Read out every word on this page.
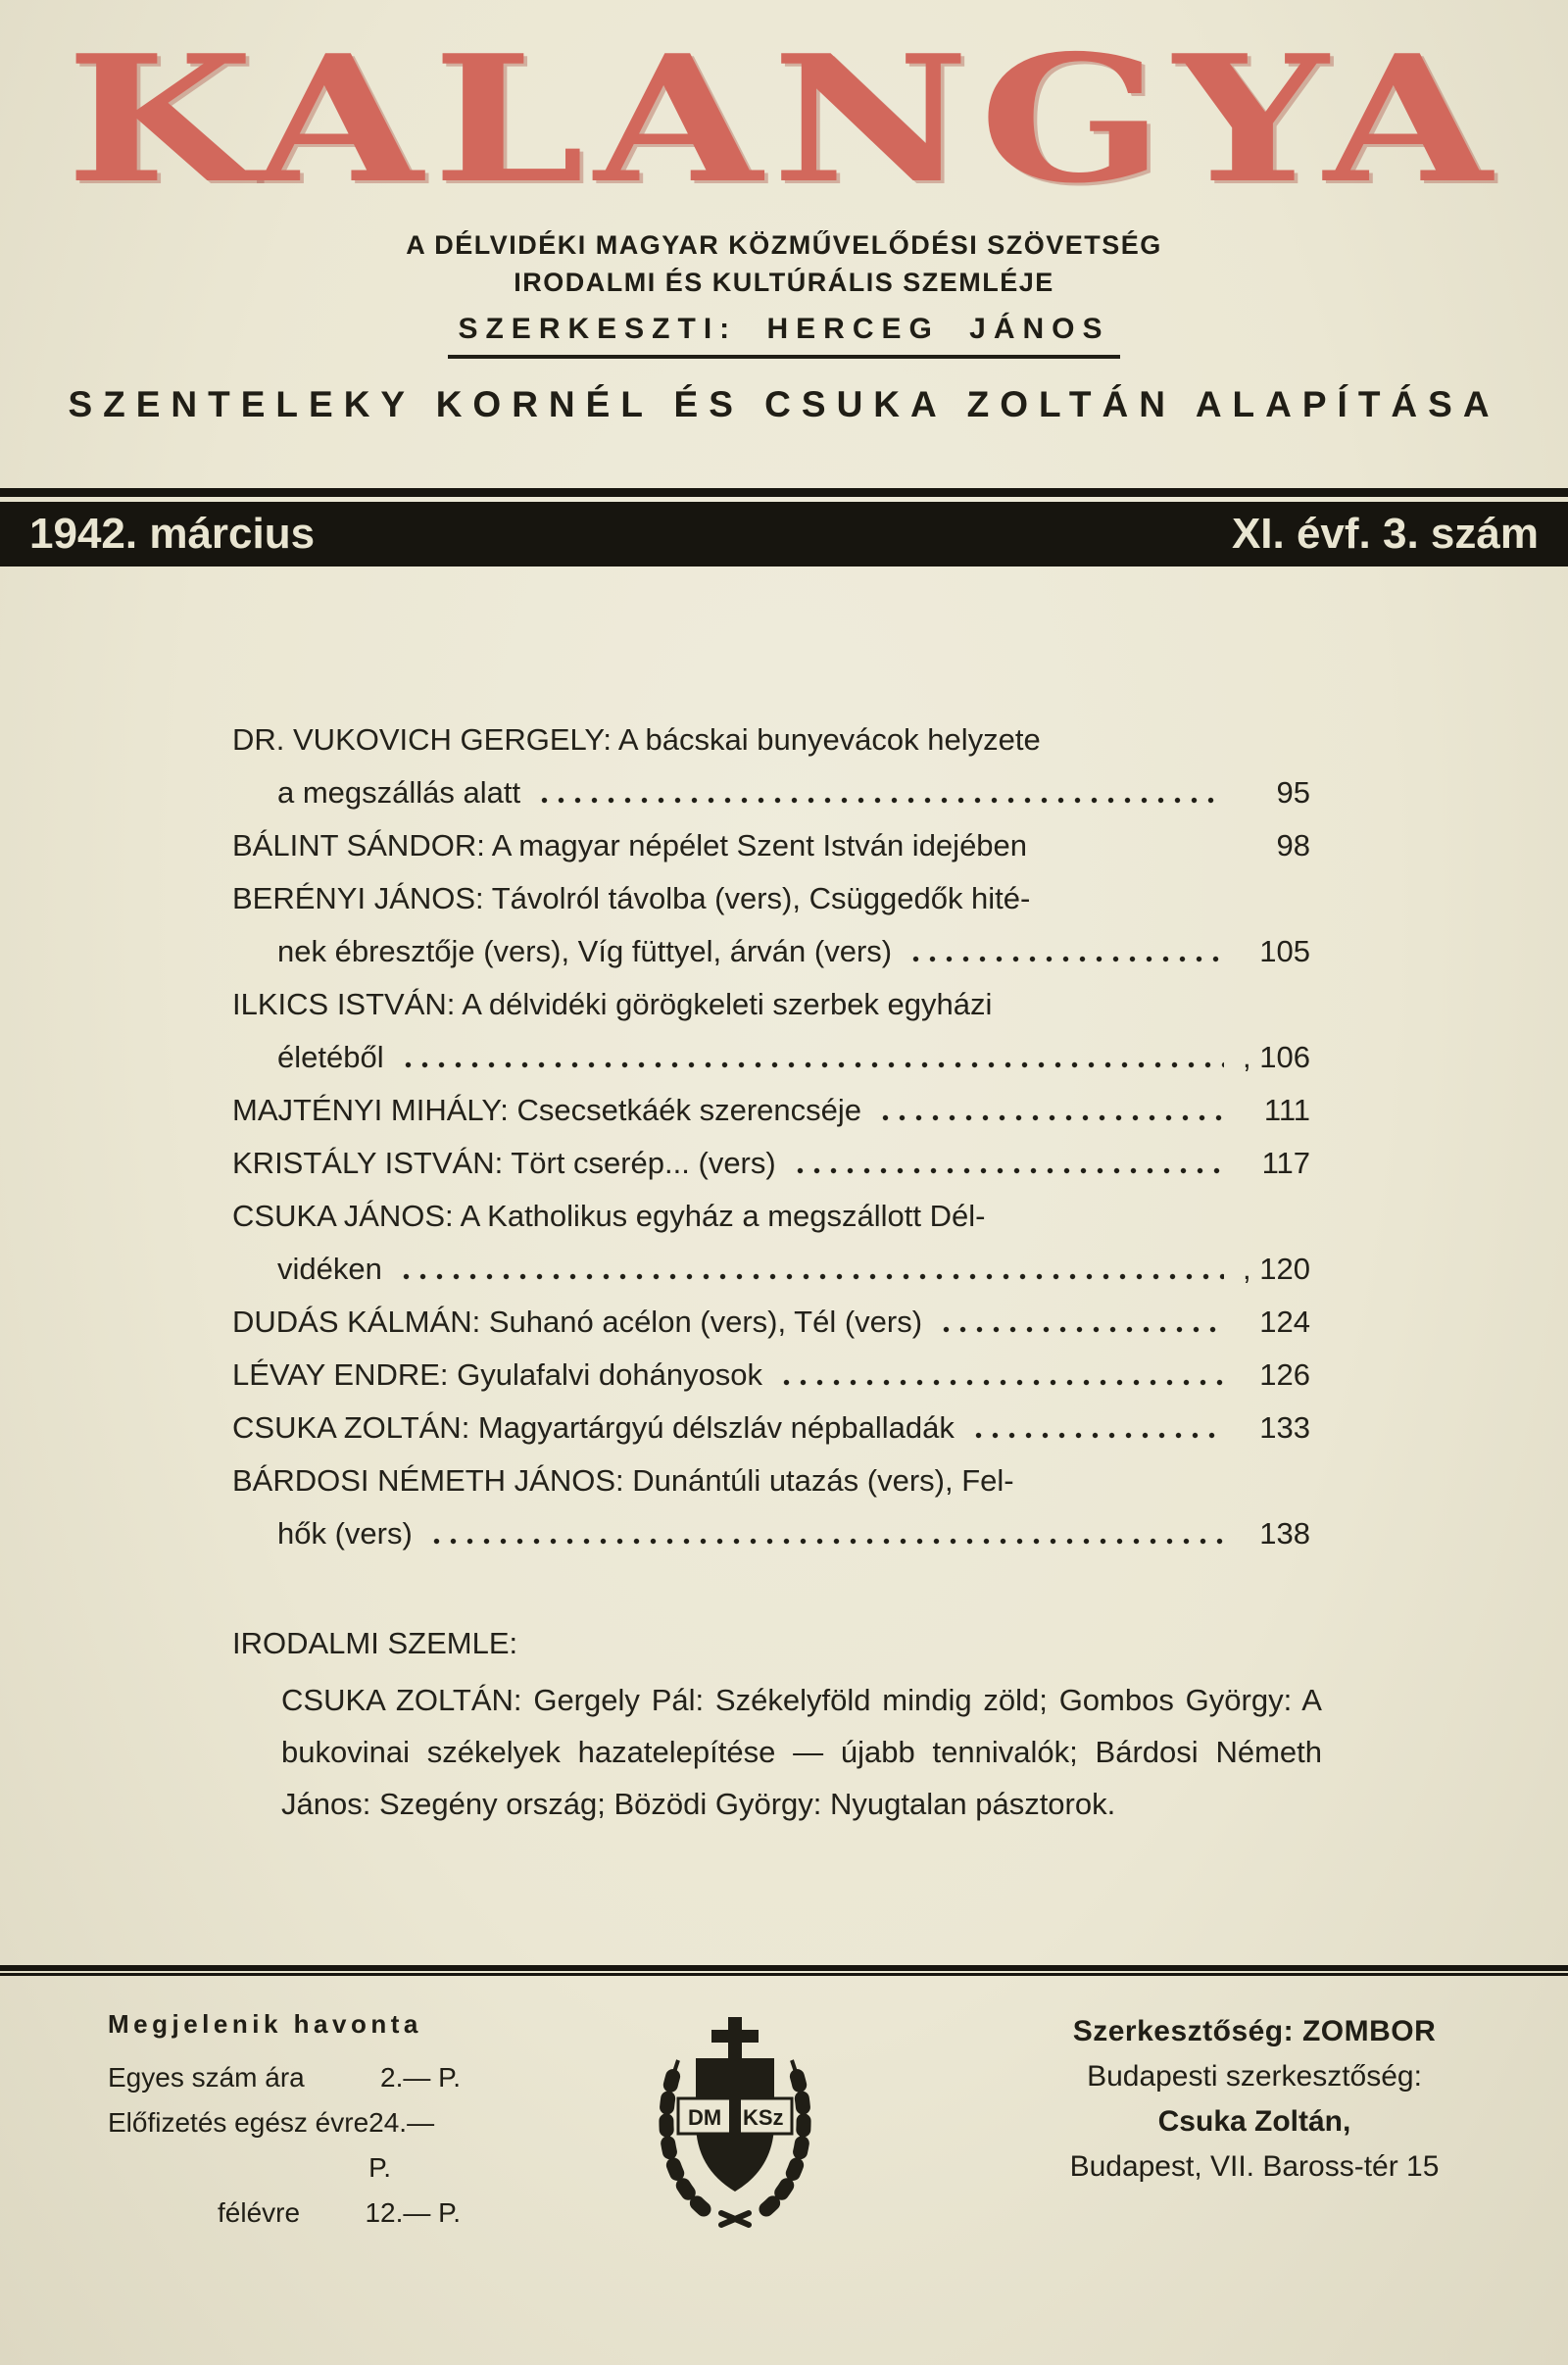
KALANGYA
A DÉLVIDÉKI MAGYAR KÖZMŰVELŐDÉSI SZÖVETSÉG
IRODALMI ÉS KULTÚRÁLIS SZEMLÉJE
SZERKESZTI: HERCEG JÁNOS
SZENTELEKY KORNÉL ÉS CSUKA ZOLTÁN ALAPÍTÁSA
1942. március	XI. évf. 3. szám
DR. VUKOVICH GERGELY: A bácskai bunyevácok helyzete
a megszállás alatt	95
BÁLINT SÁNDOR: A magyar népélet Szent István idejében	98
BERÉNYI JÁNOS: Távolról távolba (vers), Csüggedők hité-
nek ébresztője (vers), Víg füttyel, árván (vers)	105
ILKICS ISTVÁN: A délvidéki görögkeleti szerbek egyházi
életéből	, 106
MAJTÉNYI MIHÁLY: Csecsetkáék szerencséje	111
KRISTÁLY ISTVÁN: Tört cserép... (vers)	117
CSUKA JÁNOS: A Katholikus egyház a megszállott Dél-
vidéken	, 120
DUDÁS KÁLMÁN: Suhanó acélon (vers), Tél (vers)	124
LÉVAY ENDRE: Gyulafalvi dohányosok	126
CSUKA ZOLTÁN: Magyartárgyú délszláv népballadák	133
BÁRDOSI NÉMETH JÁNOS: Dunántúli utazás (vers), Fel-
hők (vers)	138
IRODALMI SZEMLE:
CSUKA ZOLTÁN: Gergely Pál: Székelyföld mindig zöld; Gombos György: A bukovinai székelyek hazatelepítése — újabb tennivalók; Bárdosi Németh János: Szegény ország; Bözödi György: Nyugtalan pásztorok.
Megjelenik havonta
Egyes szám ára	2.— P.
Előfizetés egész évre 24.— P.
félévre 12.— P.
DM KSz
Szerkesztőség: ZOMBOR
Budapesti szerkesztőség:
Csuka Zoltán,
Budapest, VII. Baross-tér 15
